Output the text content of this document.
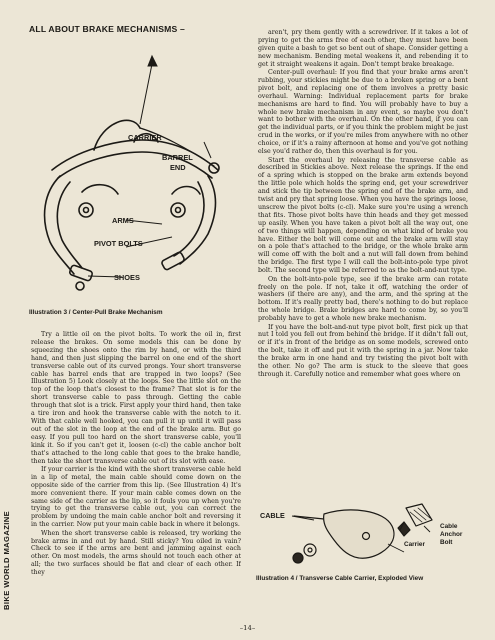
ALL ABOUT BRAKE MECHANISMS –
CARRIER
BARREL
END
ARMS
PIVOT BOLTS
SHOES
Illustration 3 / Center-Pull Brake Mechanism

Try a little oil on the pivot bolts. To work the oil in, first release the brakes. On some models this can be done by squeezing the shoes onto the rim by hand, or with the third hand, and then just slipping the barrel on one end of the short transverse cable out of its curved prongs. Your short transverse cable has barrel ends that are trapped in two loops? (See Illustration 5) Look closely at the loops. See the little slot on the top of the loop that's closest to the frame? That slot is for the short transverse cable to pass through. Getting the cable through that slot is a trick. First apply your third hand, then take a tire iron and hook the transverse cable with the notch to it. With that cable well hooked, you can pull it up until it will pass out of the slot in the loop at the end of the brake arm. But go easy. If you pull too hard on the short transverse cable, you'll kink it. So if you can't get it, loosen (c-cl) the cable anchor bolt that's attached to the long cable that goes to the brake handle, then take the short transverse cable out of its slot with ease.

If your carrier is the kind with the short transverse cable held in a lip of metal, the main cable should come down on the opposite side of the carrier from this lip. (See Illustration 4) It's more convenient there. If your main cable comes down on the same side of the carrier as the lip, so it fouls you up when you're trying to get the transverse cable out, you can correct the problem by undoing the main cable anchor bolt and reversing it in the carrier. Now put your main cable back in where it belongs.

When the short transverse cable is released, try working the brake arms in and out by hand. Still sticky? You oiled in vain? Check to see if the arms are bent and jamming against each other. On most models, the arms should not touch each other at all; the two surfaces should be flat and clear of each other. If they

aren't, pry them gently with a screwdriver. If it takes a lot of prying to get the arms free of each other, they must have been given quite a bash to get so bent out of shape. Consider getting a new mechanism. Bending metal weakens it, and rebending it to get it straight weakens it again. Don't tempt brake breakage.

Center-pull overhaul: If you find that your brake arms aren't rubbing, your stickies might be due to a broken spring or a bent pivot bolt, and replacing one of them involves a pretty basic overhaul. Warning: Individual replacement parts for brake mechanisms are hard to find. You will probably have to buy a whole new brake mechanism in any event, so maybe you don't want to bother with the overhaul. On the other hand, if you can get the individual parts, or if you think the problem might be just crud in the works, or if you're miles from anywhere with no other choice, or if it's a rainy afternoon at home and you've got nothing else you'd rather do, then this overhaul is for you.

Start the overhaul by releasing the transverse cable as described in Stickies above. Next release the springs. If the end of a spring which is stopped on the brake arm extends beyond the little pole which holds the spring end, get your screwdriver and stick the tip between the spring end of the brake arm, and twist and pry that spring loose. When you have the springs loose, unscrew the pivot bolts (c-cl). Make sure you're using a wrench that fits. Those pivot bolts have thin heads and they get messed up easily. When you have taken a pivot bolt all the way out, one of two things will happen, depending on what kind of brake you have. Either the bolt will come out and the brake arm will stay on a pole that's attached to the bridge, or the whole brake arm will come off with the bolt and a nut will fall down from behind the bridge. The first type I will call the bolt-into-pole type pivot bolt. The second type will be referred to as the bolt-and-nut type.

On the bolt-into-pole type, see if the brake arm can rotate freely on the pole. If not, take it off, watching the order of washers (if there are any), and the arm, and the spring at the bottom. If it's really pretty bad, there's nothing to do but replace the whole bridge. Brake bridges are hard to come by, so you'll probably have to get a whole new brake mechanism.

If you have the bolt-and-nut type pivot bolt, first pick up that nut I told you fell out from behind the bridge. If it didn't fall out, or if it's in front of the bridge as on some models, screwed onto the bolt, take it off and put it with the spring in a jar. Now take the brake arm in one hand and try twisting the pivot bolt with the other. No go? The arm is stuck to the sleeve that goes through it. Carefully notice and remember what goes where on

CABLE
Carrier
Cable
Anchor
Bolt
Illustration 4 / Transverse Cable Carrier, Exploded View
BIKE WORLD MAGAZINE
–14–
